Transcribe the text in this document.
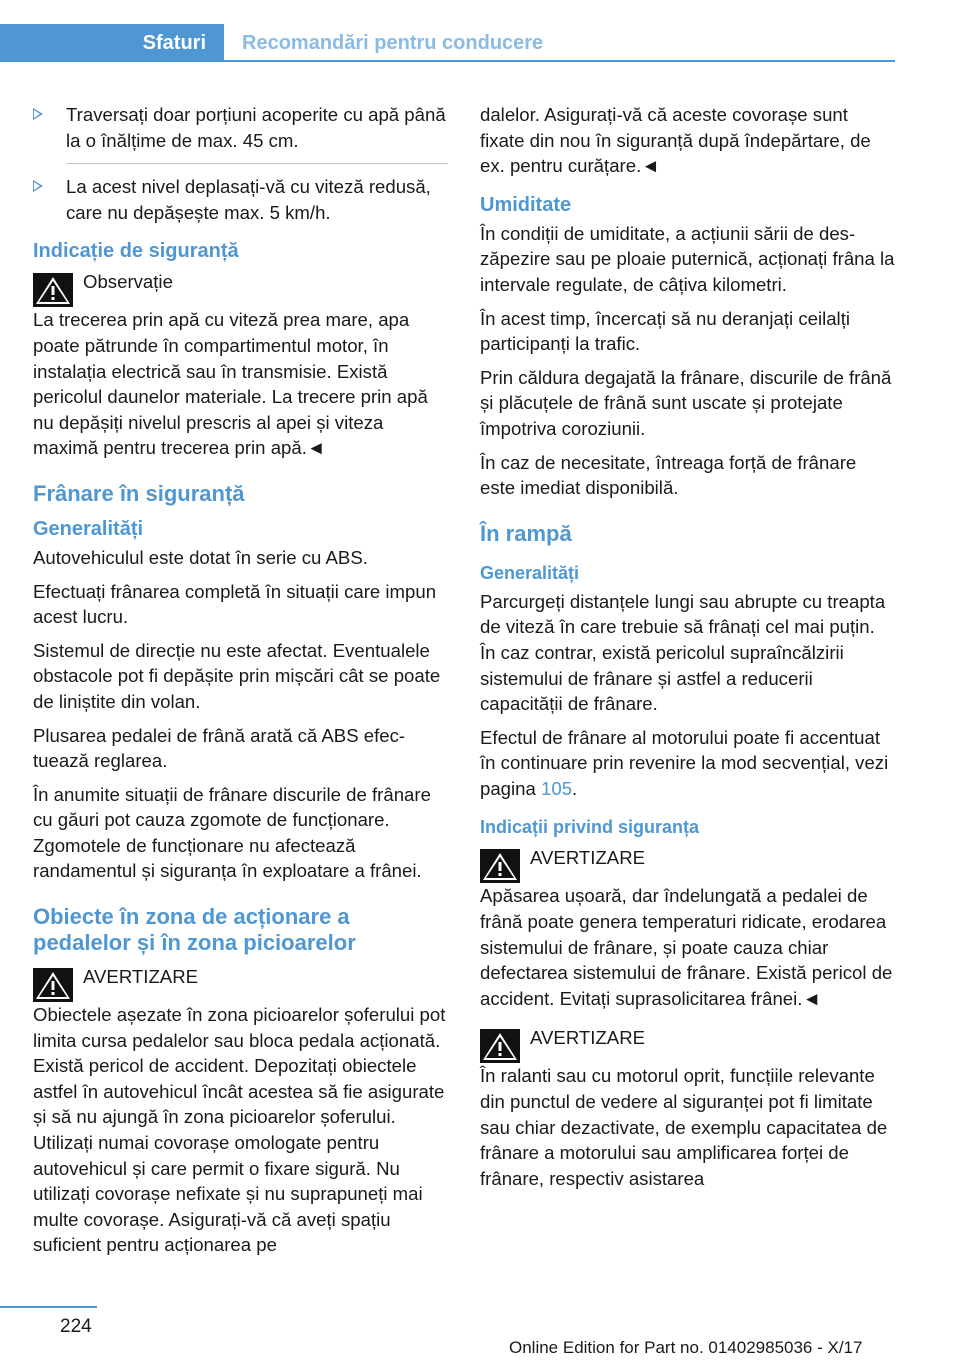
Sfaturi Recomandări pentru conducere
Traversați doar porțiuni acoperite cu apă până la o înălțime de max. 45 cm.
La acest nivel deplasați-vă cu viteză redusă, care nu depășește max. 5 km/h.
Indicație de siguranță
Observație

La trecerea prin apă cu viteză prea mare, apa poate pătrunde în compartimentul motor, în instalația electrică sau în transmisie. Există pericolul daunelor materiale. La trecere prin apă nu depășiți nivelul prescris al apei și viteza maximă pentru trecerea prin apă.◄

Frânare în siguranță
Generalități

Autovehiculul este dotat în serie cu ABS.

Efectuați frânarea completă în situații care impun acest lucru.

Sistemul de direcție nu este afectat. Eventualele obstacole pot fi depășite prin mișcări cât se poate de liniștite din volan.

Plusarea pedalei de frână arată că ABS efectuează reglarea.

În anumite situații de frânare discurile de frânare cu găuri pot cauza zgomote de funcționare. Zgomotele de funcționare nu afectează randamentul și siguranța în exploatare a frânei.

Obiecte în zona de acționare a pedalelor și în zona picioarelor
AVERTIZARE

Obiectele așezate în zona picioarelor șoferului pot limita cursa pedalelor sau bloca pedala acționată. Există pericol de accident. Depozitați obiectele astfel în autovehicul încât acestea să fie asigurate și să nu ajungă în zona picioarelor șoferului. Utilizați numai covorașe omologate pentru autovehicul și care permit o fixare sigură. Nu utilizați covorașe nefixate și nu suprapuneți mai multe covorașe. Asigurați-vă că aveți spațiu suficient pentru acționarea pe

dalelor. Asigurați-vă că aceste covorașe sunt fixate din nou în siguranță după îndepărtare, de ex. pentru curățare.◄

Umiditate

În condiții de umiditate, a acțiunii sării de deszăpezire sau pe ploaie puternică, acționați frâna la intervale regulate, de câțiva kilometri.

În acest timp, încercați să nu deranjați ceilalți participanți la trafic.

Prin căldura degajată la frânare, discurile de frână și plăcuțele de frână sunt uscate și protejate împotriva coroziunii.

În caz de necesitate, întreaga forță de frânare este imediat disponibilă.

În rampă
Generalități

Parcurgeți distanțele lungi sau abrupte cu treapta de viteză în care trebuie să frânați cel mai puțin. În caz contrar, există pericolul supraîncălzirii sistemului de frânare și astfel a reducerii capacității de frânare.

Efectul de frânare al motorului poate fi accentuat în continuare prin revenire la mod secvențial, vezi pagina 105.

Indicații privind siguranța
AVERTIZARE

Apăsarea ușoară, dar îndelungată a pedalei de frână poate genera temperaturi ridicate, erodarea sistemului de frânare, și poate cauza chiar defectarea sistemului de frânare. Există pericol de accident. Evitați suprasolicitarea frânei.◄

AVERTIZARE

În ralanti sau cu motorul oprit, funcțiile relevante din punctul de vedere al siguranței pot fi limitate sau chiar dezactivate, de exemplu capacitatea de frânare a motorului sau amplificarea forței de frânare, respectiv asistarea

224
Online Edition for Part no. 01402985036 - X/17
